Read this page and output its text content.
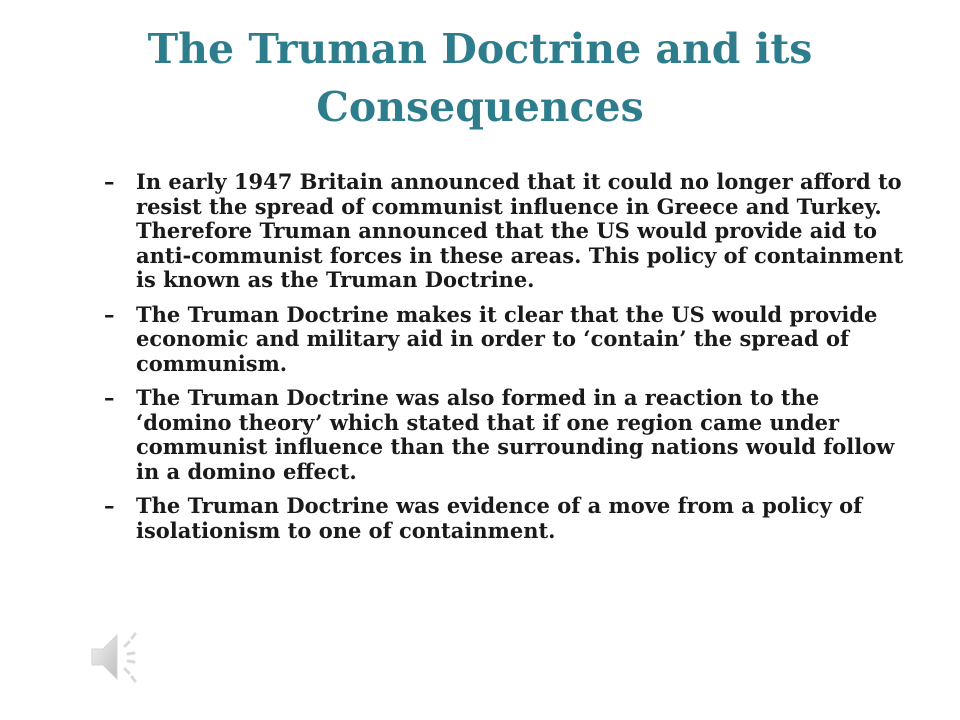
The Truman Doctrine and its Consequences
– In early 1947 Britain announced that it could no longer afford to resist the spread of communist influence in Greece and Turkey. Therefore Truman announced that the US would provide aid to anti-communist forces in these areas. This policy of containment is known as the Truman Doctrine.
– The Truman Doctrine makes it clear that the US would provide economic and military aid in order to ‘contain’ the spread of communism.
– The Truman Doctrine was also formed in a reaction to the ‘domino theory’ which stated that if one region came under communist influence than the surrounding nations would follow in a domino effect.
– The Truman Doctrine was evidence of a move from a policy of isolationism to one of containment.
